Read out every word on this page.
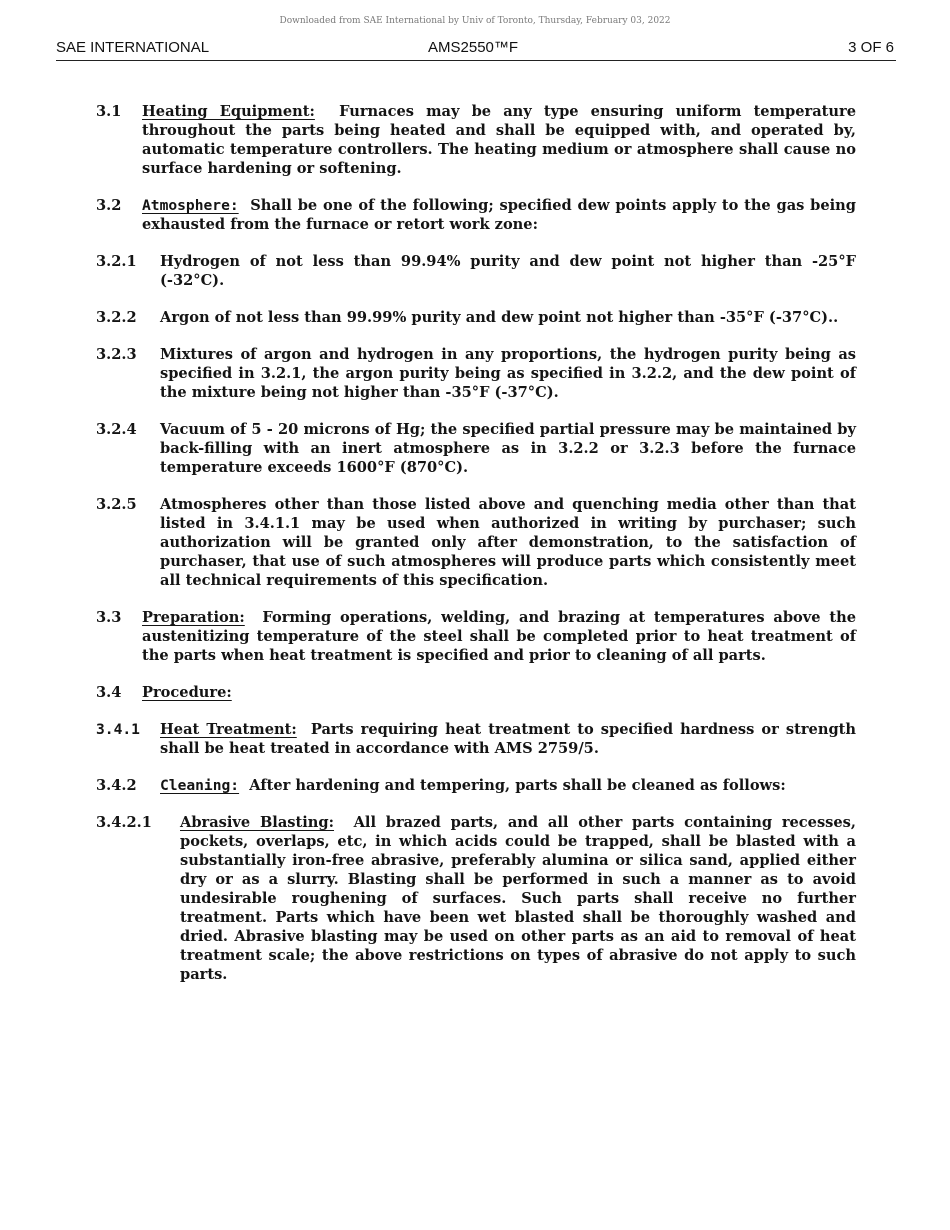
Downloaded from SAE International by Univ of Toronto, Thursday, February 03, 2022
SAE INTERNATIONAL	AMS2550™F	3 OF 6
3.1	Heating Equipment: Furnaces may be any type ensuring uniform temperature throughout the parts being heated and shall be equipped with, and operated by, automatic temperature controllers. The heating medium or atmosphere shall cause no surface hardening or softening.
3.2	Atmosphere: Shall be one of the following; specified dew points apply to the gas being exhausted from the furnace or retort work zone:
3.2.1	Hydrogen of not less than 99.94% purity and dew point not higher than -25°F (-32°C).
3.2.2	Argon of not less than 99.99% purity and dew point not higher than -35°F (-37°C)..
3.2.3	Mixtures of argon and hydrogen in any proportions, the hydrogen purity being as specified in 3.2.1, the argon purity being as specified in 3.2.2, and the dew point of the mixture being not higher than -35°F (-37°C).
3.2.4	Vacuum of 5 - 20 microns of Hg; the specified partial pressure may be maintained by back-filling with an inert atmosphere as in 3.2.2 or 3.2.3 before the furnace temperature exceeds 1600°F (870°C).
3.2.5	Atmospheres other than those listed above and quenching media other than that listed in 3.4.1.1 may be used when authorized in writing by purchaser; such authorization will be granted only after demonstration, to the satisfaction of purchaser, that use of such atmospheres will produce parts which consistently meet all technical requirements of this specification.
3.3	Preparation: Forming operations, welding, and brazing at temperatures above the austenitizing temperature of the steel shall be completed prior to heat treatment of the parts when heat treatment is specified and prior to cleaning of all parts.
3.4	Procedure:
3.4.1	Heat Treatment: Parts requiring heat treatment to specified hardness or strength shall be heat treated in accordance with AMS 2759/5.
3.4.2	Cleaning: After hardening and tempering, parts shall be cleaned as follows:
3.4.2.1	Abrasive Blasting: All brazed parts, and all other parts containing recesses, pockets, overlaps, etc, in which acids could be trapped, shall be blasted with a substantially iron-free abrasive, preferably alumina or silica sand, applied either dry or as a slurry. Blasting shall be performed in such a manner as to avoid undesirable roughening of surfaces. Such parts shall receive no further treatment. Parts which have been wet blasted shall be thoroughly washed and dried. Abrasive blasting may be used on other parts as an aid to removal of heat treatment scale; the above restrictions on types of abrasive do not apply to such parts.
